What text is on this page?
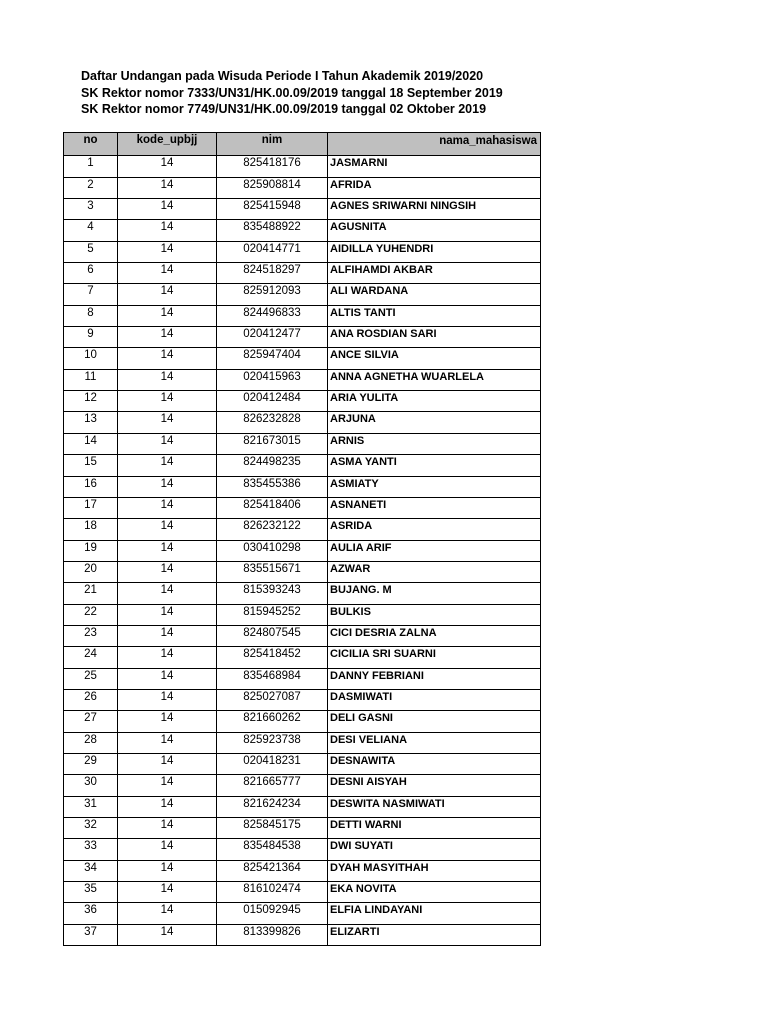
Daftar Undangan pada Wisuda Periode I Tahun Akademik 2019/2020
SK Rektor nomor 7333/UN31/HK.00.09/2019 tanggal 18 September 2019
SK Rektor nomor 7749/UN31/HK.00.09/2019 tanggal 02 Oktober 2019
no	kode_upbjj	nim	nama_mahasiswa
1	14	825418176	JASMARNI
2	14	825908814	AFRIDA
3	14	825415948	AGNES SRIWARNI NINGSIH
4	14	835488922	AGUSNITA
5	14	020414771	AIDILLA YUHENDRI
6	14	824518297	ALFIHAMDI AKBAR
7	14	825912093	ALI WARDANA
8	14	824496833	ALTIS TANTI
9	14	020412477	ANA ROSDIAN SARI
10	14	825947404	ANCE SILVIA
11	14	020415963	ANNA AGNETHA WUARLELA
12	14	020412484	ARIA YULITA
13	14	826232828	ARJUNA
14	14	821673015	ARNIS
15	14	824498235	ASMA YANTI
16	14	835455386	ASMIATY
17	14	825418406	ASNANETI
18	14	826232122	ASRIDA
19	14	030410298	AULIA ARIF
20	14	835515671	AZWAR
21	14	815393243	BUJANG. M
22	14	815945252	BULKIS
23	14	824807545	CICI DESRIA ZALNA
24	14	825418452	CICILIA SRI SUARNI
25	14	835468984	DANNY FEBRIANI
26	14	825027087	DASMIWATI
27	14	821660262	DELI GASNI
28	14	825923738	DESI VELIANA
29	14	020418231	DESNAWITA
30	14	821665777	DESNI AISYAH
31	14	821624234	DESWITA NASMIWATI
32	14	825845175	DETTI WARNI
33	14	835484538	DWI SUYATI
34	14	825421364	DYAH MASYITHAH
35	14	816102474	EKA NOVITA
36	14	015092945	ELFIA LINDAYANI
37	14	813399826	ELIZARTI
